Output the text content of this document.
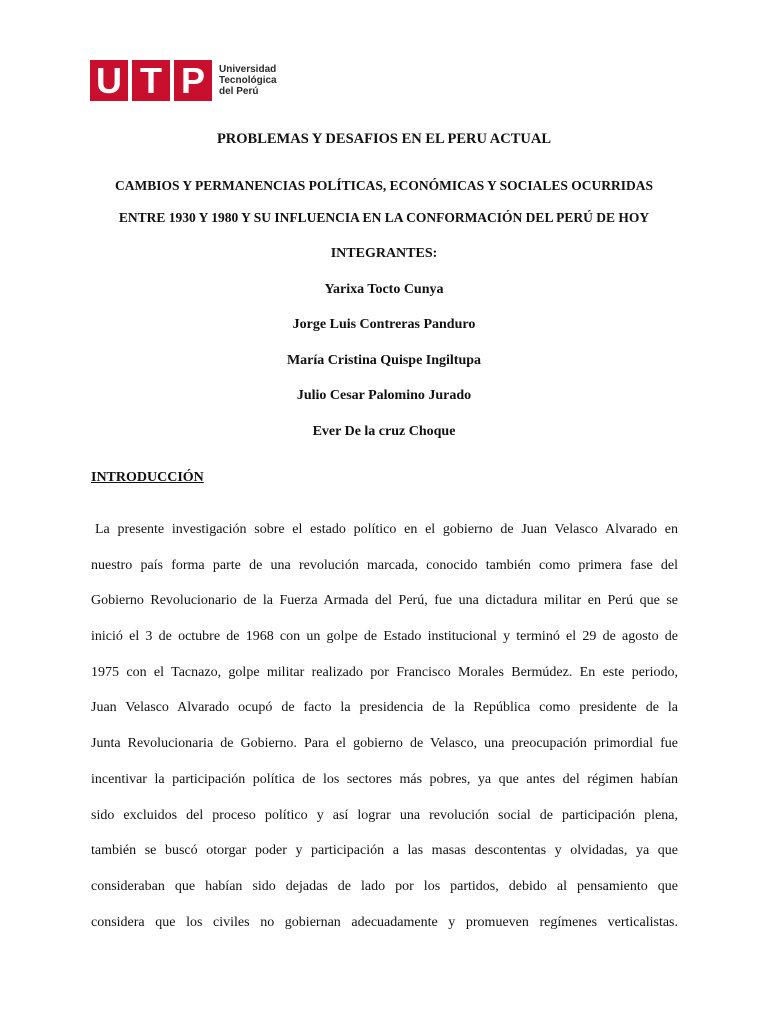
U T P	Universidad
Tecnológica
del Perú
PROBLEMAS Y DESAFIOS EN EL PERU ACTUAL
CAMBIOS Y PERMANENCIAS POLÍTICAS, ECONÓMICAS Y SOCIALES OCURRIDAS
ENTRE 1930 Y 1980 Y SU INFLUENCIA EN LA CONFORMACIÓN DEL PERÚ DE HOY
INTEGRANTES:
Yarixa Tocto Cunya
Jorge Luis Contreras Panduro
María Cristina Quispe Ingiltupa
Julio Cesar Palomino Jurado
Ever De la cruz Choque
INTRODUCCIÓN
La presente investigación sobre el estado político en el gobierno de Juan Velasco Alvarado en
nuestro país forma parte de una revolución marcada, conocido también como primera fase del
Gobierno Revolucionario de la Fuerza Armada del Perú, fue una dictadura militar en Perú que se
inició el 3 de octubre de 1968 con un golpe de Estado institucional y terminó el 29 de agosto de
1975 con el Tacnazo, golpe militar realizado por Francisco Morales Bermúdez. En este periodo,
Juan Velasco Alvarado ocupó de facto la presidencia de la República como presidente de la
Junta Revolucionaria de Gobierno. Para el gobierno de Velasco, una preocupación primordial fue
incentivar la participación política de los sectores más pobres, ya que antes del régimen habían
sido excluidos del proceso político y así lograr una revolución social de participación plena,
también se buscó otorgar poder y participación a las masas descontentas y olvidadas, ya que
consideraban que habían sido dejadas de lado por los partidos, debido al pensamiento que
considera que los civiles no gobiernan adecuadamente y promueven regímenes verticalistas.
